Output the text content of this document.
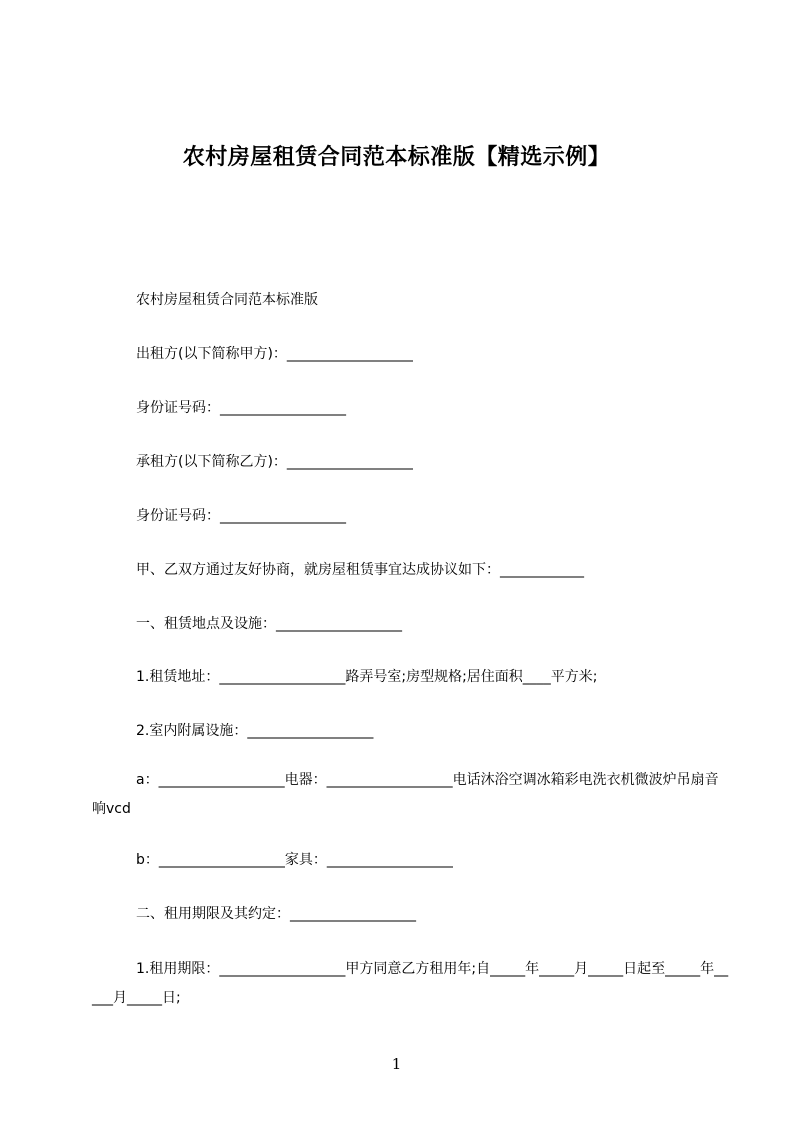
农村房屋租赁合同范本标准版【精选示例】
农村房屋租赁合同范本标准版
出租方(以下简称甲方)：__________________
身份证号码：__________________
承租方(以下简称乙方)：__________________
身份证号码：__________________
甲、乙双方通过友好协商，就房屋租赁事宜达成协议如下：____________
一、租赁地点及设施：__________________
1.租赁地址：__________________路弄号室;房型规格;居住面积____平方米;
2.室内附属设施：__________________
a：__________________电器：__________________电话沐浴空调冰箱彩电洗衣机微波炉吊扇音响vcd
b：__________________家具：__________________
二、租用期限及其约定：__________________
1.租用期限：__________________甲方同意乙方租用年;自_____年_____月_____日起至_____年_____月_____日;
1
